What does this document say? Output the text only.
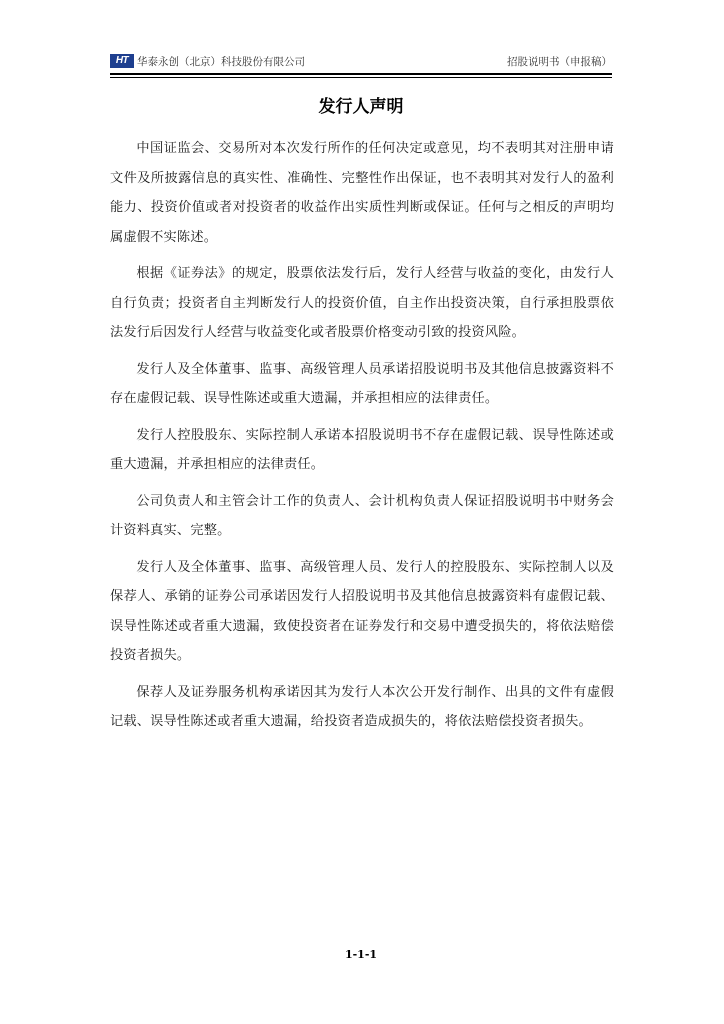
HT 华泰永创（北京）科技股份有限公司	招股说明书（申报稿）
发行人声明

中国证监会、交易所对本次发行所作的任何决定或意见，均不表明其对注册申请文件及所披露信息的真实性、准确性、完整性作出保证，也不表明其对发行人的盈利能力、投资价值或者对投资者的收益作出实质性判断或保证。任何与之相反的声明均属虚假不实陈述。

根据《证券法》的规定，股票依法发行后，发行人经营与收益的变化，由发行人自行负责；投资者自主判断发行人的投资价值，自主作出投资决策，自行承担股票依法发行后因发行人经营与收益变化或者股票价格变动引致的投资风险。

发行人及全体董事、监事、高级管理人员承诺招股说明书及其他信息披露资料不存在虚假记载、误导性陈述或重大遗漏，并承担相应的法律责任。

发行人控股股东、实际控制人承诺本招股说明书不存在虚假记载、误导性陈述或重大遗漏，并承担相应的法律责任。

公司负责人和主管会计工作的负责人、会计机构负责人保证招股说明书中财务会计资料真实、完整。

发行人及全体董事、监事、高级管理人员、发行人的控股股东、实际控制人以及保荐人、承销的证券公司承诺因发行人招股说明书及其他信息披露资料有虚假记载、误导性陈述或者重大遗漏，致使投资者在证券发行和交易中遭受损失的，将依法赔偿投资者损失。

保荐人及证券服务机构承诺因其为发行人本次公开发行制作、出具的文件有虚假记载、误导性陈述或者重大遗漏，给投资者造成损失的，将依法赔偿投资者损失。

1-1-1
